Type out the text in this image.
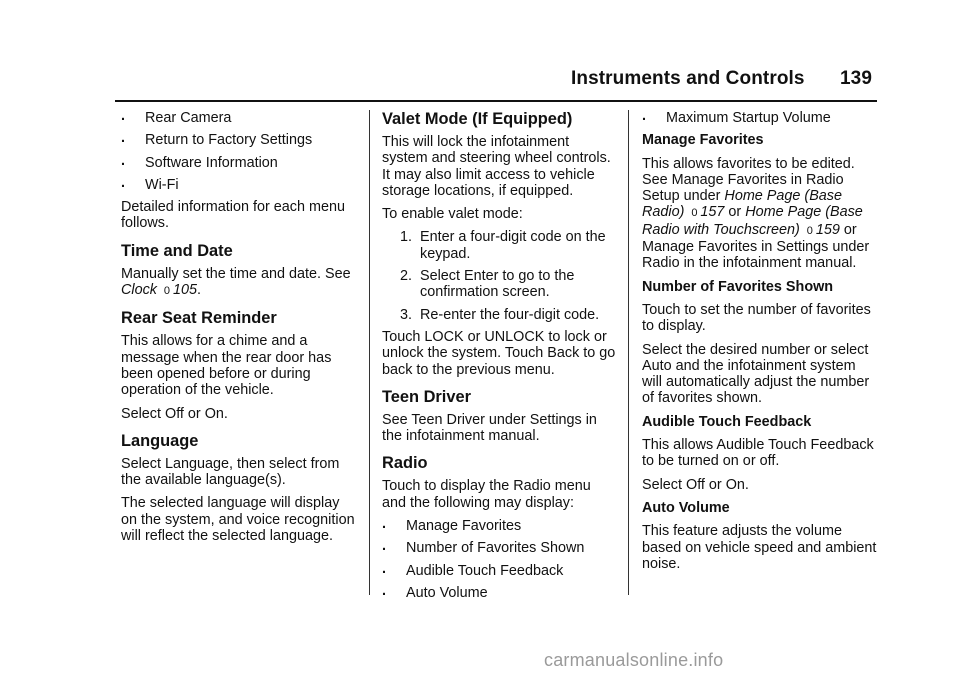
Instruments and Controls 139

. Rear Camera

. Return to Factory Settings

. Software Information

. Wi-Fi

Detailed information for each menu follows.

Time and Date

Manually set the time and date. See Clock 0 105.

Rear Seat Reminder

This allows for a chime and a message when the rear door has been opened before or during operation of the vehicle.

Select Off or On.

Language

Select Language, then select from the available language(s).

The selected language will display on the system, and voice recognition will reflect the selected language.

Valet Mode (If Equipped)

This will lock the infotainment system and steering wheel controls. It may also limit access to vehicle storage locations, if equipped.

To enable valet mode:

1. Enter a four-digit code on the keypad.
2. Select Enter to go to the confirmation screen.
3. Re-enter the four-digit code.

Touch LOCK or UNLOCK to lock or unlock the system. Touch Back to go back to the previous menu.

Teen Driver

See Teen Driver under Settings in the infotainment manual.

Radio

Touch to display the Radio menu and the following may display:

. Manage Favorites

. Number of Favorites Shown

. Audible Touch Feedback

. Auto Volume

. Maximum Startup Volume

Manage Favorites

This allows favorites to be edited. See Manage Favorites in Radio Setup under Home Page (Base Radio) 0 157 or Home Page (Base Radio with Touchscreen) 0 159 or Manage Favorites in Settings under Radio in the infotainment manual.

Number of Favorites Shown

Touch to set the number of favorites to display.

Select the desired number or select Auto and the infotainment system will automatically adjust the number of favorites shown.

Audible Touch Feedback

This allows Audible Touch Feedback to be turned on or off.

Select Off or On.

Auto Volume

This feature adjusts the volume based on vehicle speed and ambient noise.

carmanualsonline.info
